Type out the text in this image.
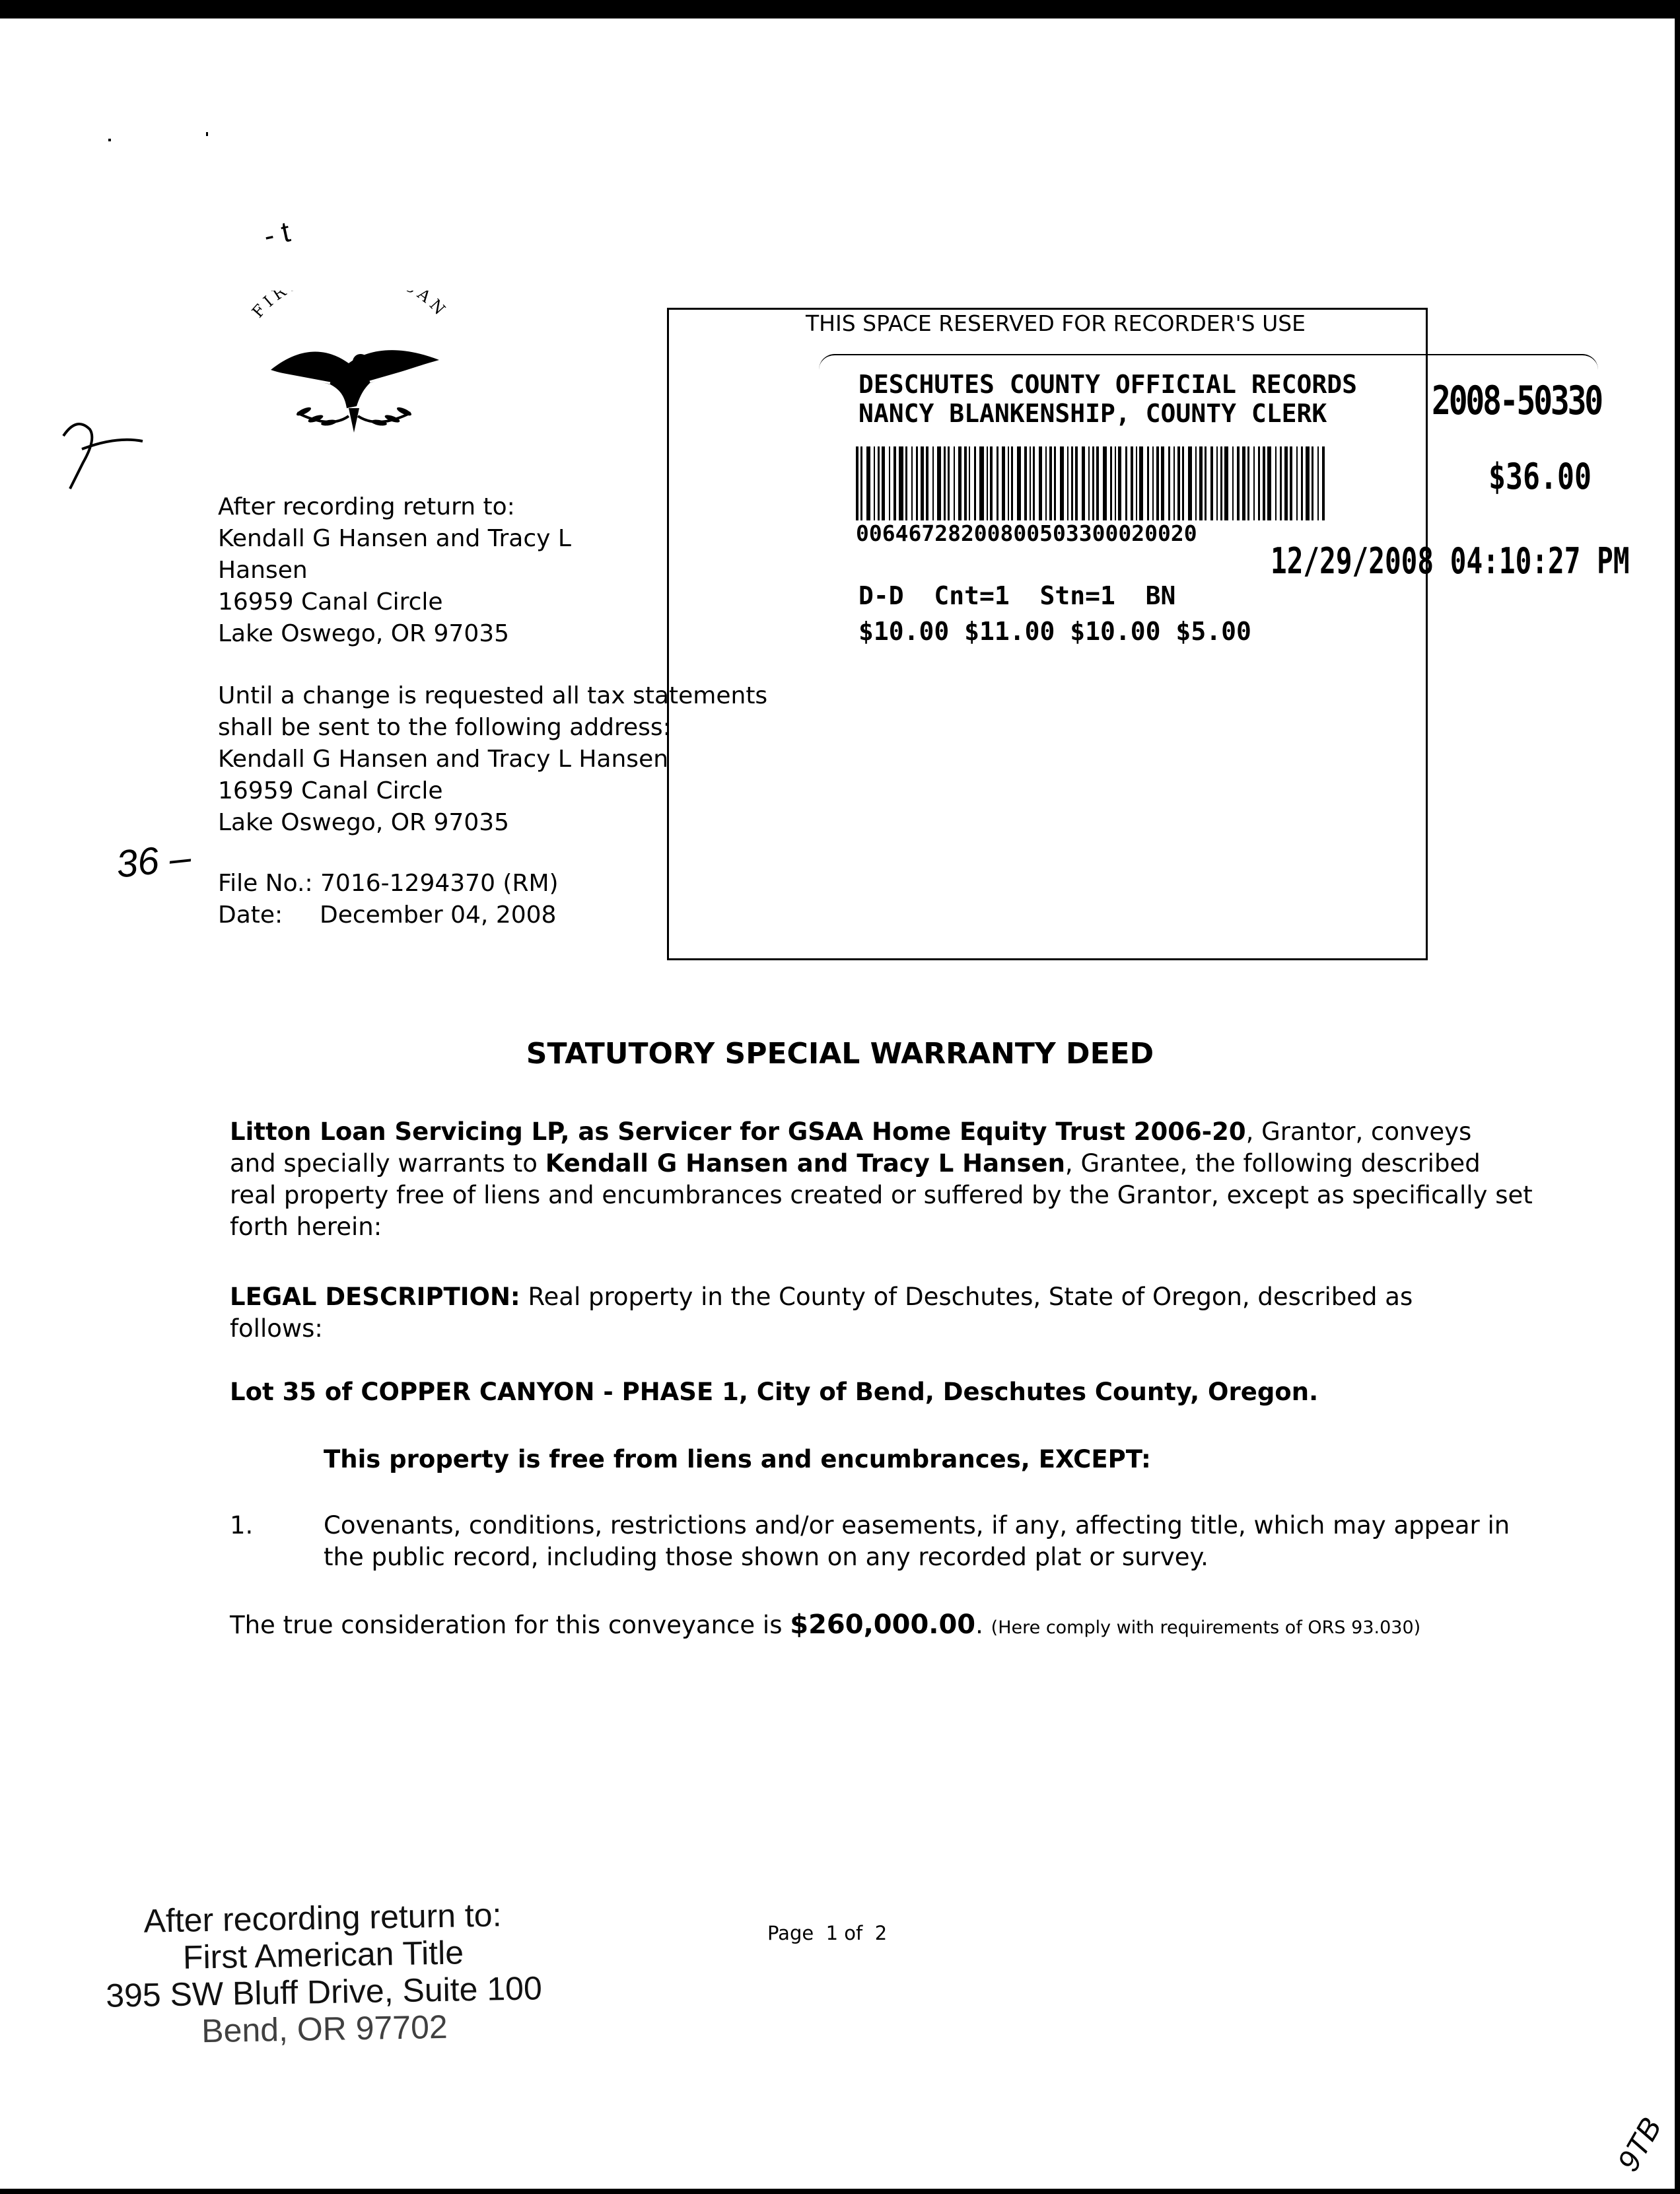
- t
FIR AN
After recording return to:
Kendall G Hansen and Tracy L
Hansen
16959 Canal Circle
Lake Oswego, OR 97035
Until a change is requested all tax statements
shall be sent to the following address:
Kendall G Hansen and Tracy L Hansen
16959 Canal Circle
Lake Oswego, OR 97035
36 – File No.: 7016-1294370 (RM)
Date: December 04, 2008
THIS SPACE RESERVED FOR RECORDER'S USE
DESCHUTES COUNTY OFFICIAL RECORDS
NANCY BLANKENSHIP, COUNTY CLERK	2008-50330
$36.00
00646728200800503300020020
12/29/2008 04:10:27 PM
D-D  Cnt=1  Stn=1  BN
$10.00 $11.00 $10.00 $5.00
STATUTORY SPECIAL WARRANTY DEED
Litton Loan Servicing LP, as Servicer for GSAA Home Equity Trust 2006-20, Grantor, conveys
and specially warrants to Kendall G Hansen and Tracy L Hansen, Grantee, the following described
real property free of liens and encumbrances created or suffered by the Grantor, except as specifically set
forth herein:
LEGAL DESCRIPTION: Real property in the County of Deschutes, State of Oregon, described as
follows:
Lot 35 of COPPER CANYON - PHASE 1, City of Bend, Deschutes County, Oregon.
This property is free from liens and encumbrances, EXCEPT:
1.	Covenants, conditions, restrictions and/or easements, if any, affecting title, which may appear in
the public record, including those shown on any recorded plat or survey.
The true consideration for this conveyance is $260,000.00. (Here comply with requirements of ORS 93.030)
After recording return to:
First American Title
395 SW Bluff Drive, Suite 100
Bend, OR 97702
Page  1 of  2
9TB
